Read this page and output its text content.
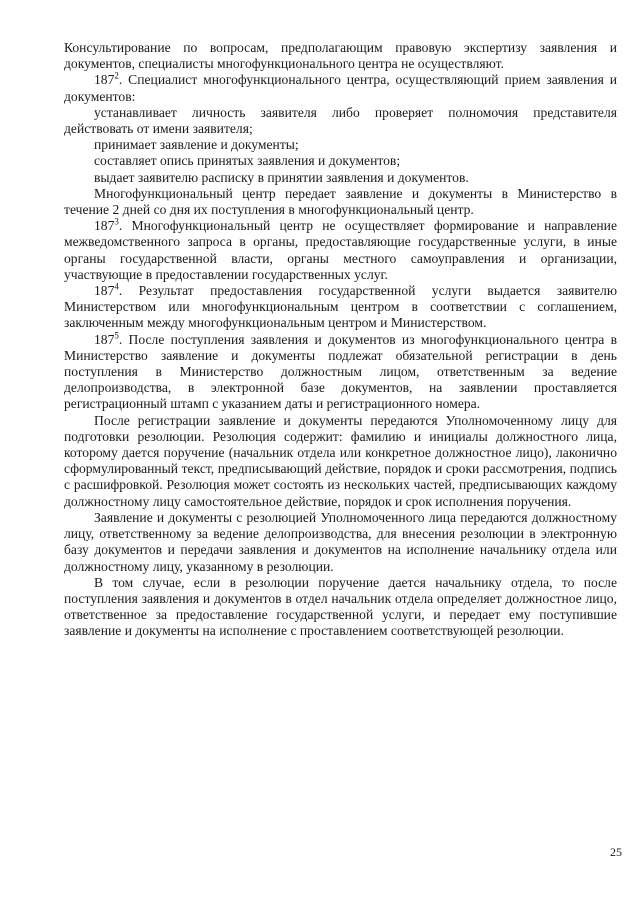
Консультирование по вопросам, предполагающим правовую экспертизу заявления и документов, специалисты многофункционального центра не осуществляют.

$187^2$. Специалист многофункционального центра, осуществляющий прием заявления и документов:

устанавливает личность заявителя либо проверяет полномочия представителя действовать от имени заявителя;

принимает заявление и документы;

составляет опись принятых заявления и документов;

выдает заявителю расписку в принятии заявления и документов.

Многофункциональный центр передает заявление и документы в Министерство в течение 2 дней со дня их поступления в многофункциональный центр.

$187^3$. Многофункциональный центр не осуществляет формирование и направление межведомственного запроса в органы, предоставляющие государственные услуги, в иные органы государственной власти, органы местного самоуправления и организации, участвующие в предоставлении государственных услуг.

$187^4$. Результат предоставления государственной услуги выдается заявителю Министерством или многофункциональным центром в соответствии с соглашением, заключенным между многофункциональным центром и Министерством.

$187^5$. После поступления заявления и документов из многофункционального центра в Министерство заявление и документы подлежат обязательной регистрации в день поступления в Министерство должностным лицом, ответственным за ведение делопроизводства, в электронной базе документов, на заявлении проставляется регистрационный штамп с указанием даты и регистрационного номера.

После регистрации заявление и документы передаются Уполномоченному лицу для подготовки резолюции. Резолюция содержит: фамилию и инициалы должностного лица, которому дается поручение (начальник отдела или конкретное должностное лицо), лаконично сформулированный текст, предписывающий действие, порядок и сроки рассмотрения, подпись с расшифровкой. Резолюция может состоять из нескольких частей, предписывающих каждому должностному лицу самостоятельное действие, порядок и срок исполнения поручения.

Заявление и документы с резолюцией Уполномоченного лица передаются должностному лицу, ответственному за ведение делопроизводства, для внесения резолюции в электронную базу документов и передачи заявления и документов на исполнение начальнику отдела или должностному лицу, указанному в резолюции.

В том случае, если в резолюции поручение дается начальнику отдела, то после поступления заявления и документов в отдел начальник отдела определяет должностное лицо, ответственное за предоставление государственной услуги, и передает ему поступившие заявление и документы на исполнение с проставлением соответствующей резолюции.

25
